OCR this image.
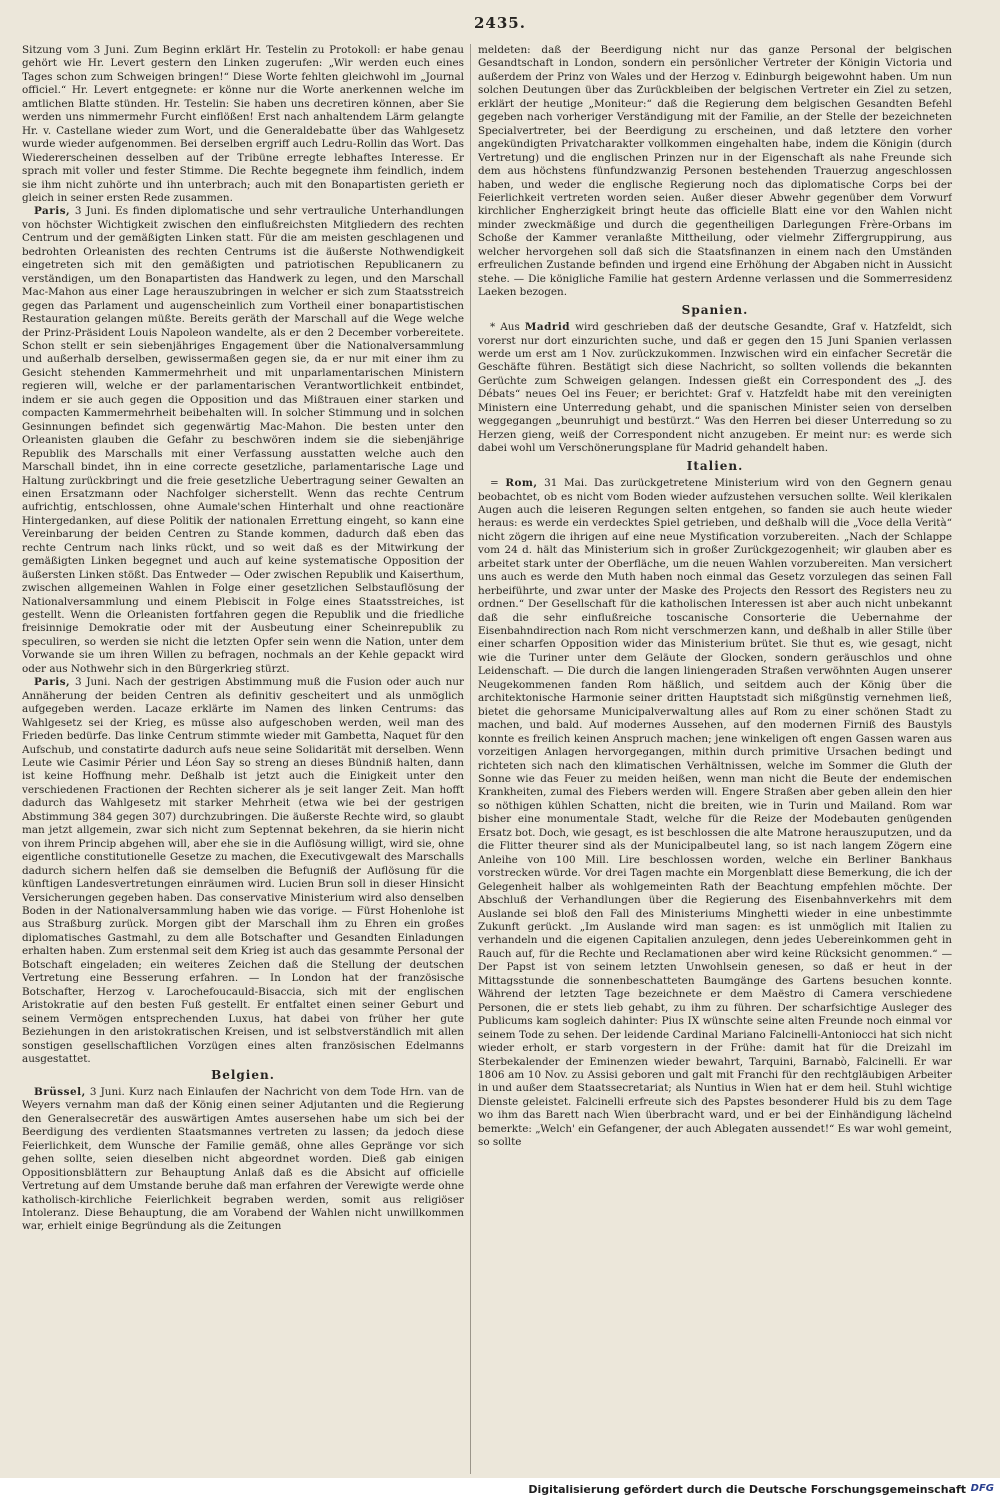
2435.

Sitzung vom 3 Juni. Zum Beginn erklärt Hr. Testelin zu Protokoll: er habe genau gehört wie Hr. Levert gestern den Linken zugerufen: „Wir werden euch eines Tages schon zum Schweigen bringen!“ Diese Worte fehlten gleichwohl im „Journal officiel.“ Hr. Levert entgegnete: er könne nur die Worte anerkennen welche im amtlichen Blatte stünden. Hr. Testelin: Sie haben uns decretiren können, aber Sie werden uns nimmermehr Furcht einflößen! Erst nach anhaltendem Lärm gelangte Hr. v. Castellane wieder zum Wort, und die Generaldebatte über das Wahlgesetz wurde wieder aufgenommen. Bei derselben ergriff auch Ledru-Rollin das Wort. Das Wiedererscheinen desselben auf der Tribüne erregte lebhaftes Interesse. Er sprach mit voller und fester Stimme. Die Rechte begegnete ihm feindlich, indem sie ihm nicht zuhörte und ihn unterbrach; auch mit den Bonapartisten gerieth er gleich in seiner ersten Rede zusammen.

Paris, 3 Juni. Es finden diplomatische und sehr vertrauliche Unterhandlungen von höchster Wichtigkeit zwischen den einflußreichsten Mitgliedern des rechten Centrum und der gemäßigten Linken statt. Für die am meisten geschlagenen und bedrohten Orleanisten des rechten Centrums ist die äußerste Nothwendigkeit eingetreten sich mit den gemäßigten und patriotischen Republicanern zu verständigen, um den Bonapartisten das Handwerk zu legen, und den Marschall Mac-Mahon aus einer Lage herauszubringen in welcher er sich zum Staatsstreich gegen das Parlament und augenscheinlich zum Vortheil einer bonapartistischen Restauration gelangen müßte. Bereits geräth der Marschall auf die Wege welche der Prinz-Präsident Louis Napoleon wandelte, als er den 2 December vorbereitete. Schon stellt er sein siebenjähriges Engagement über die Nationalversammlung und außerhalb derselben, gewissermaßen gegen sie, da er nur mit einer ihm zu Gesicht stehenden Kammermehrheit und mit unparlamentarischen Ministern regieren will, welche er der parlamentarischen Verantwortlichkeit entbindet, indem er sie auch gegen die Opposition und das Mißtrauen einer starken und compacten Kammermehrheit beibehalten will. In solcher Stimmung und in solchen Gesinnungen befindet sich gegenwärtig Mac-Mahon. Die besten unter den Orleanisten glauben die Gefahr zu beschwören indem sie die siebenjährige Republik des Marschalls mit einer Verfassung ausstatten welche auch den Marschall bindet, ihn in eine correcte gesetzliche, parlamentarische Lage und Haltung zurückbringt und die freie gesetzliche Uebertragung seiner Gewalten an einen Ersatzmann oder Nachfolger sicherstellt. Wenn das rechte Centrum aufrichtig, entschlossen, ohne Aumale'schen Hinterhalt und ohne reactionäre Hintergedanken, auf diese Politik der nationalen Errettung eingeht, so kann eine Vereinbarung der beiden Centren zu Stande kommen, dadurch daß eben das rechte Centrum nach links rückt, und so weit daß es der Mitwirkung der gemäßigten Linken begegnet und auch auf keine systematische Opposition der äußersten Linken stößt. Das Entweder — Oder zwischen Republik und Kaiserthum, zwischen allgemeinen Wahlen in Folge einer gesetzlichen Selbstauflösung der Nationalversammlung und einem Plebiscit in Folge eines Staatsstreiches, ist gestellt. Wenn die Orleanisten fortfahren gegen die Republik und die friedliche freisinnige Demokratie oder mit der Ausbeutung einer Scheinrepublik zu speculiren, so werden sie nicht die letzten Opfer sein wenn die Nation, unter dem Vorwande sie um ihren Willen zu befragen, nochmals an der Kehle gepackt wird oder aus Nothwehr sich in den Bürgerkrieg stürzt.

Paris, 3 Juni. Nach der gestrigen Abstimmung muß die Fusion oder auch nur Annäherung der beiden Centren als definitiv gescheitert und als unmöglich aufgegeben werden. Lacaze erklärte im Namen des linken Centrums: das Wahlgesetz sei der Krieg, es müsse also aufgeschoben werden, weil man des Frieden bedürfe. Das linke Centrum stimmte wieder mit Gambetta, Naquet für den Aufschub, und constatirte dadurch aufs neue seine Solidarität mit derselben. Wenn Leute wie Casimir Périer und Léon Say so streng an dieses Bündniß halten, dann ist keine Hoffnung mehr. Deßhalb ist jetzt auch die Einigkeit unter den verschiedenen Fractionen der Rechten sicherer als je seit langer Zeit. Man hofft dadurch das Wahlgesetz mit starker Mehrheit (etwa wie bei der gestrigen Abstimmung 384 gegen 307) durchzubringen. Die äußerste Rechte wird, so glaubt man jetzt allgemein, zwar sich nicht zum Septennat bekehren, da sie hierin nicht von ihrem Princip abgehen will, aber ehe sie in die Auflösung willigt, wird sie, ohne eigentliche constitutionelle Gesetze zu machen, die Executivgewalt des Marschalls dadurch sichern helfen daß sie demselben die Befugniß der Auflösung für die künftigen Landesvertretungen einräumen wird. Lucien Brun soll in dieser Hinsicht Versicherungen gegeben haben. Das conservative Ministerium wird also denselben Boden in der Nationalversammlung haben wie das vorige. — Fürst Hohenlohe ist aus Straßburg zurück. Morgen gibt der Marschall ihm zu Ehren ein großes diplomatisches Gastmahl, zu dem alle Botschafter und Gesandten Einladungen erhalten haben. Zum erstenmal seit dem Krieg ist auch das gesammte Personal der Botschaft eingeladen; ein weiteres Zeichen daß die Stellung der deutschen Vertretung eine Besserung erfahren. — In London hat der französische Botschafter, Herzog v. Larochefoucauld-Bisaccia, sich mit der englischen Aristokratie auf den besten Fuß gestellt. Er entfaltet einen seiner Geburt und seinem Vermögen entsprechenden Luxus, hat dabei von früher her gute Beziehungen in den aristokratischen Kreisen, und ist selbstverständlich mit allen sonstigen gesellschaftlichen Vorzügen eines alten französischen Edelmanns ausgestattet.

Belgien.

Brüssel, 3 Juni. Kurz nach Einlaufen der Nachricht von dem Tode Hrn. van de Weyers vernahm man daß der König einen seiner Adjutanten und die Regierung den Generalsecretär des auswärtigen Amtes ausersehen habe um sich bei der Beerdigung des verdienten Staatsmannes vertreten zu lassen; da jedoch diese Feierlichkeit, dem Wunsche der Familie gemäß, ohne alles Gepränge vor sich gehen sollte, seien dieselben nicht abgeordnet worden. Dieß gab einigen Oppositionsblättern zur Behauptung Anlaß daß es die Absicht auf officielle Vertretung auf dem Umstande beruhe daß man erfahren der Verewigte werde ohne katholisch-kirchliche Feierlichkeit begraben werden, somit aus religiöser Intoleranz. Diese Behauptung, die am Vorabend der Wahlen nicht unwillkommen war, erhielt einige Begründung als die Zeitungen

meldeten: daß der Beerdigung nicht nur das ganze Personal der belgischen Gesandtschaft in London, sondern ein persönlicher Vertreter der Königin Victoria und außerdem der Prinz von Wales und der Herzog v. Edinburgh beigewohnt haben. Um nun solchen Deutungen über das Zurückbleiben der belgischen Vertreter ein Ziel zu setzen, erklärt der heutige „Moniteur:“ daß die Regierung dem belgischen Gesandten Befehl gegeben nach vorheriger Verständigung mit der Familie, an der Stelle der bezeichneten Specialvertreter, bei der Beerdigung zu erscheinen, und daß letztere den vorher angekündigten Privatcharakter vollkommen eingehalten habe, indem die Königin (durch Vertretung) und die englischen Prinzen nur in der Eigenschaft als nahe Freunde sich dem aus höchstens fünfundzwanzig Personen bestehenden Trauerzug angeschlossen haben, und weder die englische Regierung noch das diplomatische Corps bei der Feierlichkeit vertreten worden seien. Außer dieser Abwehr gegenüber dem Vorwurf kirchlicher Engherzigkeit bringt heute das officielle Blatt eine vor den Wahlen nicht minder zweckmäßige und durch die gegentheiligen Darlegungen Frère-Orbans im Schoße der Kammer veranlaßte Mittheilung, oder vielmehr Ziffergruppirung, aus welcher hervorgehen soll daß sich die Staatsfinanzen in einem nach den Umständen erfreulichen Zustande befinden und irgend eine Erhöhung der Abgaben nicht in Aussicht stehe. — Die königliche Familie hat gestern Ardenne verlassen und die Sommerresidenz Laeken bezogen.

Spanien.

* Aus Madrid wird geschrieben daß der deutsche Gesandte, Graf v. Hatzfeldt, sich vorerst nur dort einzurichten suche, und daß er gegen den 15 Juni Spanien verlassen werde um erst am 1 Nov. zurückzukommen. Inzwischen wird ein einfacher Secretär die Geschäfte führen. Bestätigt sich diese Nachricht, so sollten vollends die bekannten Gerüchte zum Schweigen gelangen. Indessen gießt ein Correspondent des „J. des Débats“ neues Oel ins Feuer; er berichtet: Graf v. Hatzfeldt habe mit den vereinigten Ministern eine Unterredung gehabt, und die spanischen Minister seien von derselben weggegangen „beunruhigt und bestürzt.“ Was den Herren bei dieser Unterredung so zu Herzen gieng, weiß der Correspondent nicht anzugeben. Er meint nur: es werde sich dabei wohl um Verschönerungsplane für Madrid gehandelt haben.

Italien.

= Rom, 31 Mai. Das zurückgetretene Ministerium wird von den Gegnern genau beobachtet, ob es nicht vom Boden wieder aufzustehen versuchen sollte. Weil klerikalen Augen auch die leiseren Regungen selten entgehen, so fanden sie auch heute wieder heraus: es werde ein verdecktes Spiel getrieben, und deßhalb will die „Voce della Verità“ nicht zögern die ihrigen auf eine neue Mystification vorzubereiten. „Nach der Schlappe vom 24 d. hält das Ministerium sich in großer Zurückgezogenheit; wir glauben aber es arbeitet stark unter der Oberfläche, um die neuen Wahlen vorzubereiten. Man versichert uns auch es werde den Muth haben noch einmal das Gesetz vorzulegen das seinen Fall herbeiführte, und zwar unter der Maske des Projects den Ressort des Registers neu zu ordnen.“ Der Gesellschaft für die katholischen Interessen ist aber auch nicht unbekannt daß die sehr einflußreiche toscanische Consorterie die Uebernahme der Eisenbahndirection nach Rom nicht verschmerzen kann, und deßhalb in aller Stille über einer scharfen Opposition wider das Ministerium brütet. Sie thut es, wie gesagt, nicht wie die Turiner unter dem Geläute der Glocken, sondern geräuschlos und ohne Leidenschaft. — Die durch die langen liniengeraden Straßen verwöhnten Augen unserer Neugekommenen fanden Rom häßlich, und seitdem auch der König über die architektonische Harmonie seiner dritten Hauptstadt sich mißgünstig vernehmen ließ, bietet die gehorsame Municipalverwaltung alles auf Rom zu einer schönen Stadt zu machen, und bald. Auf modernes Aussehen, auf den modernen Firniß des Baustyls konnte es freilich keinen Anspruch machen; jene winkeligen oft engen Gassen waren aus vorzeitigen Anlagen hervorgegangen, mithin durch primitive Ursachen bedingt und richteten sich nach den klimatischen Verhältnissen, welche im Sommer die Gluth der Sonne wie das Feuer zu meiden heißen, wenn man nicht die Beute der endemischen Krankheiten, zumal des Fiebers werden will. Engere Straßen aber geben allein den hier so nöthigen kühlen Schatten, nicht die breiten, wie in Turin und Mailand. Rom war bisher eine monumentale Stadt, welche für die Reize der Modebauten genügenden Ersatz bot. Doch, wie gesagt, es ist beschlossen die alte Matrone herauszuputzen, und da die Flitter theurer sind als der Municipalbeutel lang, so ist nach langem Zögern eine Anleihe von 100 Mill. Lire beschlossen worden, welche ein Berliner Bankhaus vorstrecken würde. Vor drei Tagen machte ein Morgenblatt diese Bemerkung, die ich der Gelegenheit halber als wohlgemeinten Rath der Beachtung empfehlen möchte. Der Abschluß der Verhandlungen über die Regierung des Eisenbahnverkehrs mit dem Auslande sei bloß den Fall des Ministeriums Minghetti wieder in eine unbestimmte Zukunft gerückt. „Im Auslande wird man sagen: es ist unmöglich mit Italien zu verhandeln und die eigenen Capitalien anzulegen, denn jedes Uebereinkommen geht in Rauch auf, für die Rechte und Reclamationen aber wird keine Rücksicht genommen.“ — Der Papst ist von seinem letzten Unwohlsein genesen, so daß er heut in der Mittagsstunde die sonnenbeschatteten Baumgänge des Gartens besuchen konnte. Während der letzten Tage bezeichnete er dem Maëstro di Camera verschiedene Personen, die er stets lieb gehabt, zu ihm zu führen. Der scharfsichtige Ausleger des Publicums kam sogleich dahinter: Pius IX wünschte seine alten Freunde noch einmal vor seinem Tode zu sehen. Der leidende Cardinal Mariano Falcinelli-Antoniocci hat sich nicht wieder erholt, er starb vorgestern in der Frühe: damit hat für die Dreizahl im Sterbekalender der Eminenzen wieder bewahrt, Tarquini, Barnabò, Falcinelli. Er war 1806 am 10 Nov. zu Assisi geboren und galt mit Franchi für den rechtgläubigen Arbeiter in und außer dem Staatssecretariat; als Nuntius in Wien hat er dem heil. Stuhl wichtige Dienste geleistet. Falcinelli erfreute sich des Papstes besonderer Huld bis zu dem Tage wo ihm das Barett nach Wien überbracht ward, und er bei der Einhändigung lächelnd bemerkte: „Welch' ein Gefangener, der auch Ablegaten aussendet!“ Es war wohl gemeint, so sollte

Digitalisierung gefördert durch die Deutsche Forschungsgemeinschaft DFG
